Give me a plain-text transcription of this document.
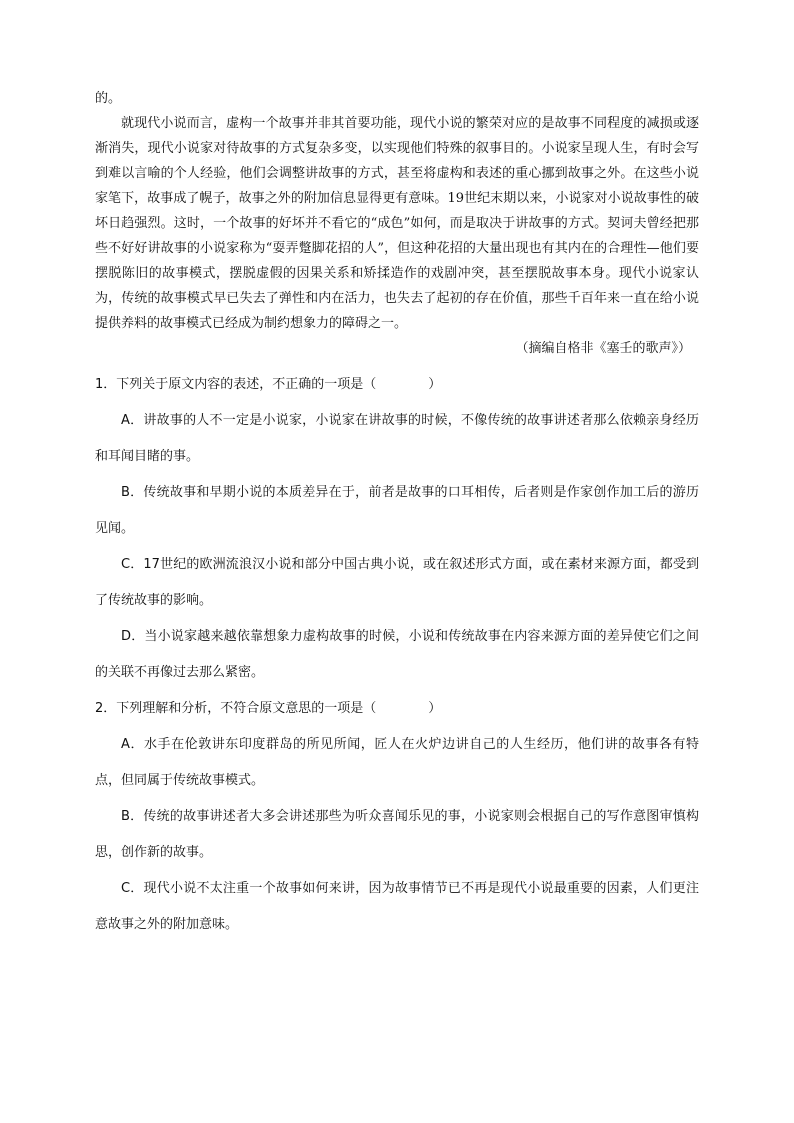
的。

就现代小说而言，虚构一个故事并非其首要功能，现代小说的繁荣对应的是故事不同程度的减损或逐渐消失，现代小说家对待故事的方式复杂多变，以实现他们特殊的叙事目的。小说家呈现人生，有时会写到难以言喻的个人经验，他们会调整讲故事的方式，甚至将虚构和表述的重心挪到故事之外。在这些小说家笔下，故事成了幌子，故事之外的附加信息显得更有意味。19世纪末期以来，小说家对小说故事性的破坏日趋强烈。这时，一个故事的好坏并不看它的“成色”如何，而是取决于讲故事的方式。契诃夫曾经把那些不好好讲故事的小说家称为“耍弄蹩脚花招的人”，但这种花招的大量出现也有其内在的合理性—他们要摆脱陈旧的故事模式，摆脱虚假的因果关系和矫揉造作的戏剧冲突，甚至摆脱故事本身。现代小说家认为，传统的故事模式早已失去了弹性和内在活力，也失去了起初的存在价值，那些千百年来一直在给小说提供养料的故事模式已经成为制约想象力的障碍之一。

（摘编自格非《塞壬的歌声》）

1．下列关于原文内容的表述，不正确的一项是（	）

A．讲故事的人不一定是小说家，小说家在讲故事的时候，不像传统的故事讲述者那么依赖亲身经历和耳闻目睹的事。

B．传统故事和早期小说的本质差异在于，前者是故事的口耳相传，后者则是作家创作加工后的游历见闻。

C．17世纪的欧洲流浪汉小说和部分中国古典小说，或在叙述形式方面，或在素材来源方面，都受到了传统故事的影响。

D．当小说家越来越依靠想象力虚构故事的时候，小说和传统故事在内容来源方面的差异使它们之间的关联不再像过去那么紧密。

2．下列理解和分析，不符合原文意思的一项是（	）

A．水手在伦敦讲东印度群岛的所见所闻，匠人在火炉边讲自己的人生经历，他们讲的故事各有特点，但同属于传统故事模式。

B．传统的故事讲述者大多会讲述那些为听众喜闻乐见的事，小说家则会根据自己的写作意图审慎构思，创作新的故事。

C．现代小说不太注重一个故事如何来讲，因为故事情节已不再是现代小说最重要的因素，人们更注意故事之外的附加意味。
